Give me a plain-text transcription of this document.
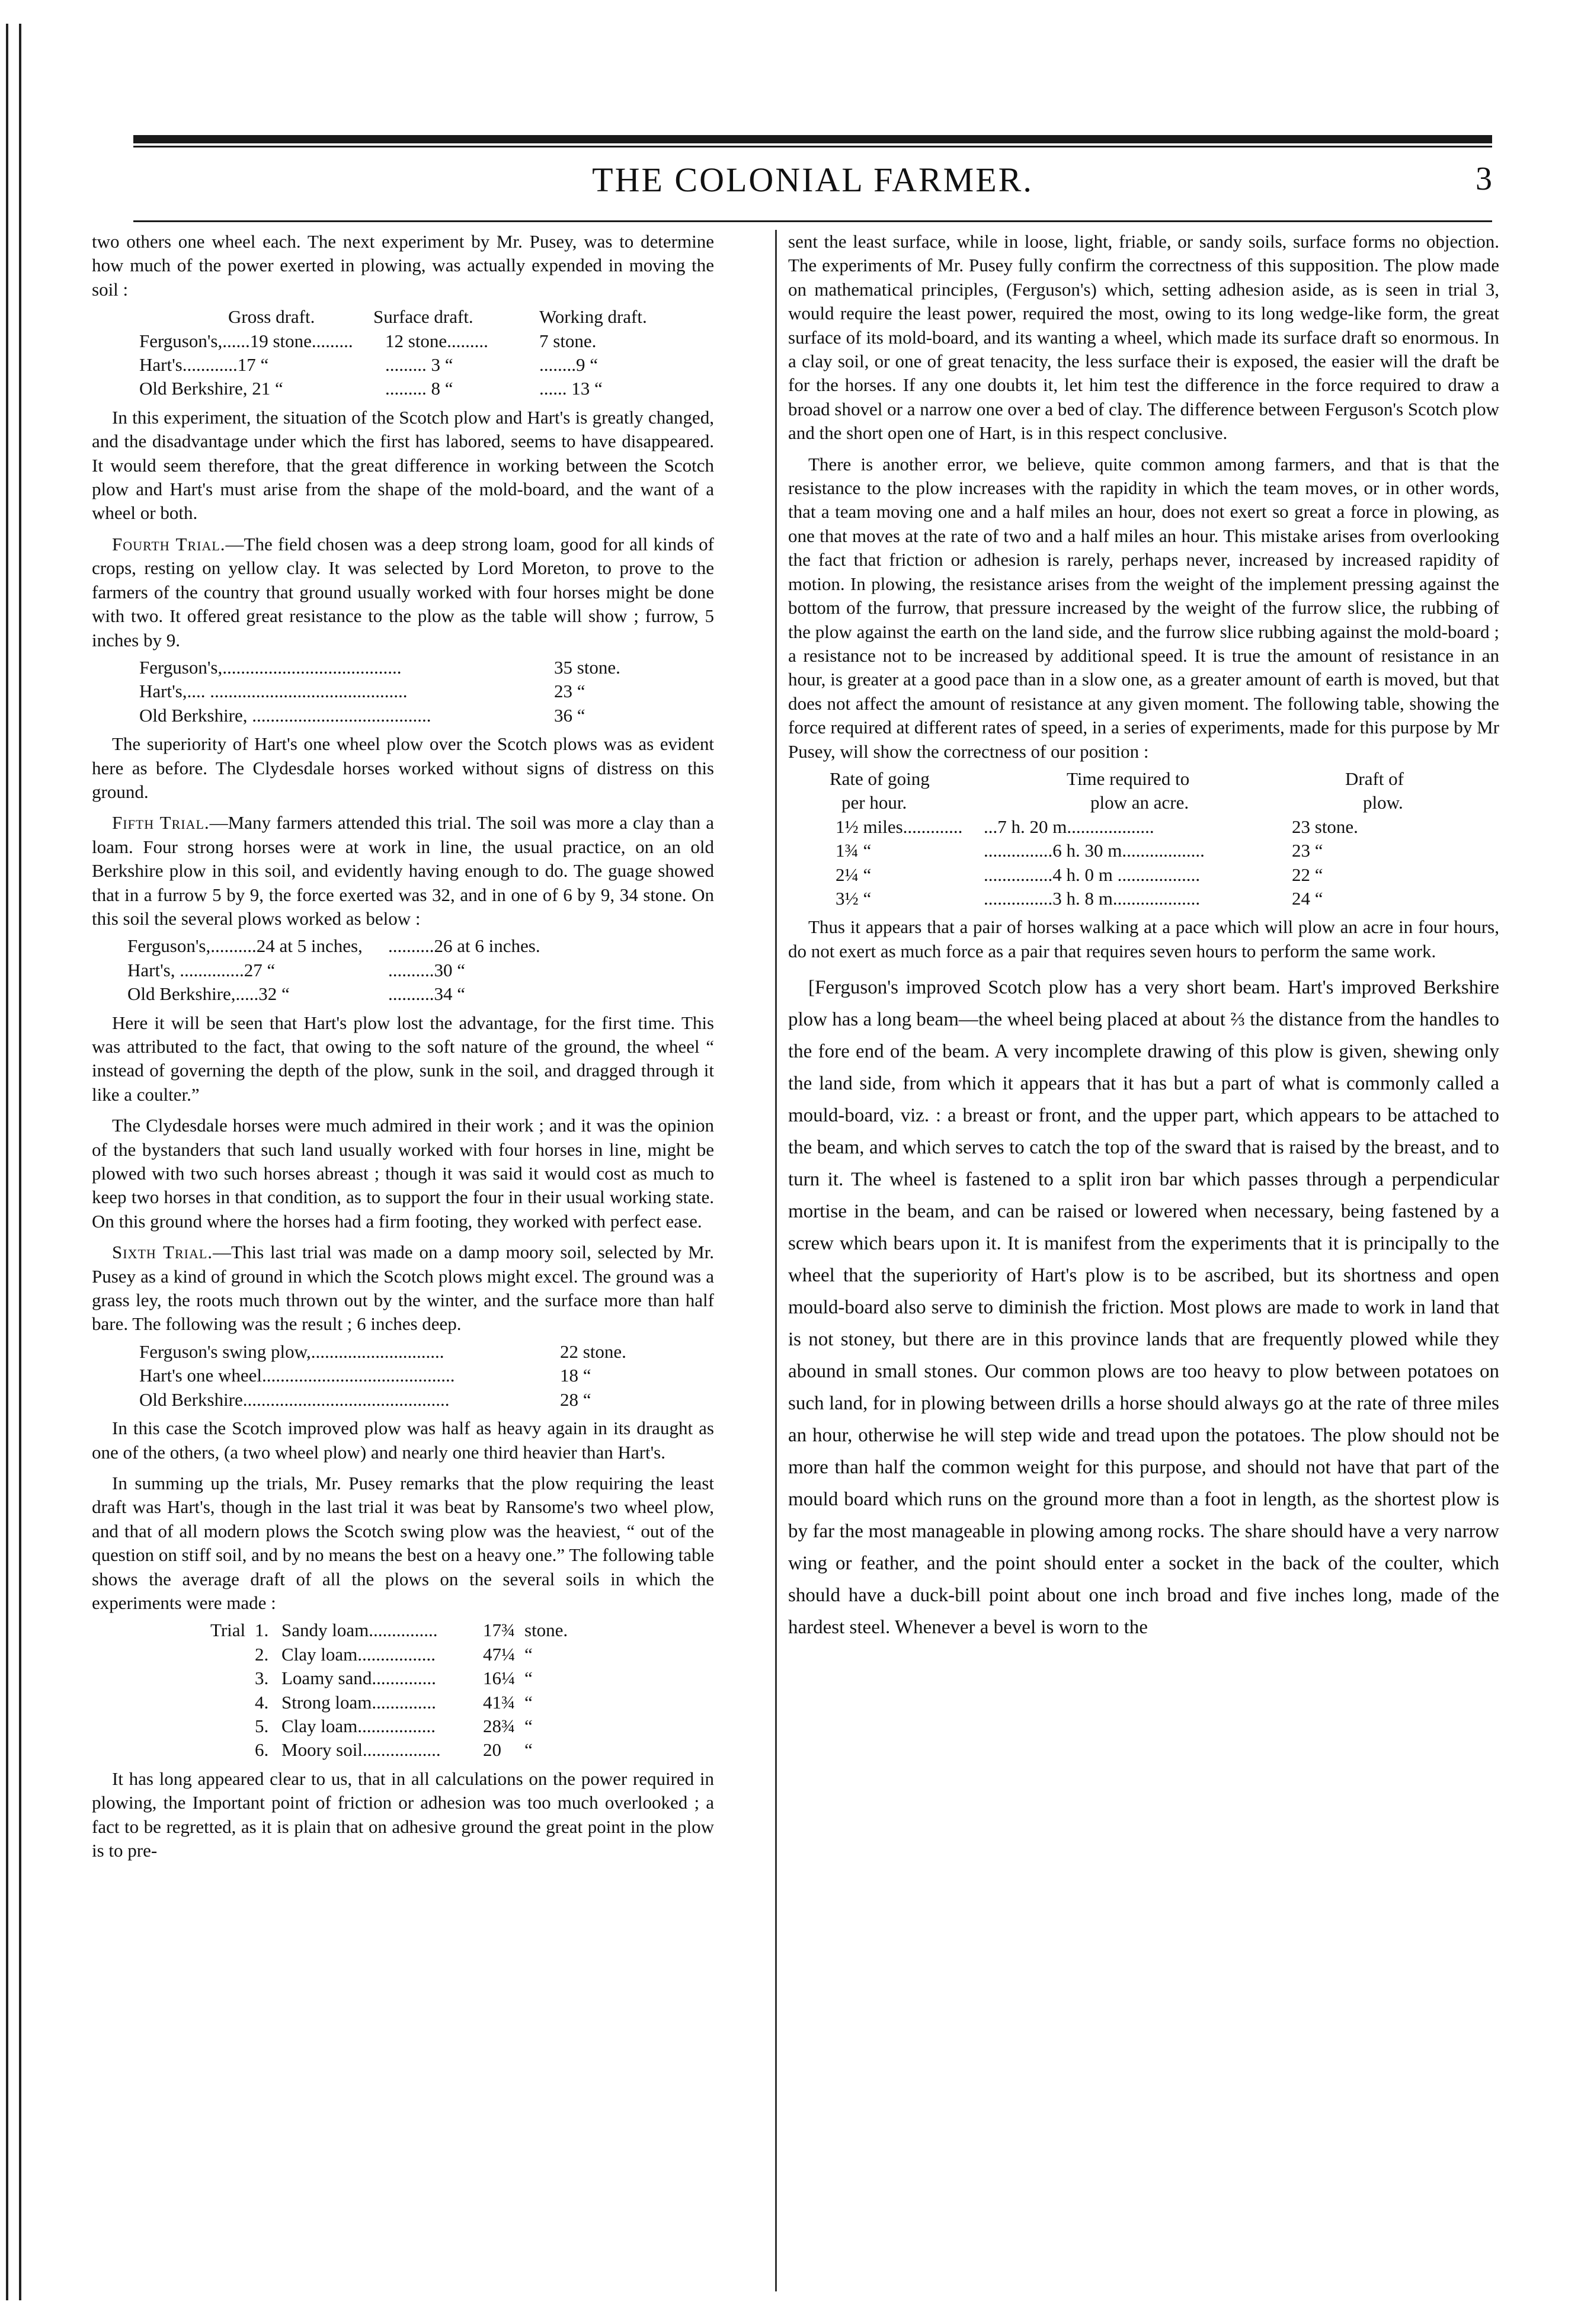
THE COLONIAL FARMER.	3

two others one wheel each. The next experiment by Mr. Pusey, was to determine how much of the power exerted in plowing, was actually expended in moving the soil :

Gross draft.	Surface draft.	Working draft.
Ferguson's,......19 stone.........	12 stone.........	7 stone.
Hart's............17 “	......... 3 “	........9 “
Old Berkshire, 21 “	......... 8 “	...... 13 “

In this experiment, the situation of the Scotch plow and Hart's is greatly changed, and the disadvantage under which the first has labored, seems to have disappeared. It would seem therefore, that the great difference in working between the Scotch plow and Hart's must arise from the shape of the mold-board, and the want of a wheel or both.

Fourth Trial.—The field chosen was a deep strong loam, good for all kinds of crops, resting on yellow clay. It was selected by Lord Moreton, to prove to the farmers of the country that ground usually worked with four horses might be done with two. It offered great resistance to the plow as the table will show ; furrow, 5 inches by 9.

Ferguson's,.......................................	35 stone.
Hart's,.... ...........................................	23 “
Old Berkshire, .......................................	36 “

The superiority of Hart's one wheel plow over the Scotch plows was as evident here as before. The Clydesdale horses worked without signs of distress on this ground.

Fifth Trial.—Many farmers attended this trial. The soil was more a clay than a loam. Four strong horses were at work in line, the usual practice, on an old Berkshire plow in this soil, and evidently having enough to do. The guage showed that in a furrow 5 by 9, the force exerted was 32, and in one of 6 by 9, 34 stone. On this soil the several plows worked as below :

Ferguson's,..........24 at 5 inches,	..........26 at 6 inches.
Hart's, ..............27 “	..........30 “
Old Berkshire,.....32 “	..........34 “

Here it will be seen that Hart's plow lost the advantage, for the first time. This was attributed to the fact, that owing to the soft nature of the ground, the wheel “ instead of governing the depth of the plow, sunk in the soil, and dragged through it like a coulter.”

The Clydesdale horses were much admired in their work ; and it was the opinion of the bystanders that such land usually worked with four horses in line, might be plowed with two such horses abreast ; though it was said it would cost as much to keep two horses in that condition, as to support the four in their usual working state. On this ground where the horses had a firm footing, they worked with perfect ease.

Sixth Trial.—This last trial was made on a damp moory soil, selected by Mr. Pusey as a kind of ground in which the Scotch plows might excel. The ground was a grass ley, the roots much thrown out by the winter, and the surface more than half bare. The following was the result ; 6 inches deep.

Ferguson's swing plow,.............................	22 stone.
Hart's one wheel..........................................	18 “
Old Berkshire.............................................	28 “

In this case the Scotch improved plow was half as heavy again in its draught as one of the others, (a two wheel plow) and nearly one third heavier than Hart's.

In summing up the trials, Mr. Pusey remarks that the plow requiring the least draft was Hart's, though in the last trial it was beat by Ransome's two wheel plow, and that of all modern plows the Scotch swing plow was the heaviest, “ out of the question on stiff soil, and by no means the best on a heavy one.” The following table shows the average draft of all the plows on the several soils in which the experiments were made :

Trial 1. Sandy loam...............	17¾ stone.
2. Clay loam.................	47¼ “
3. Loamy sand..............	16¼ “
4. Strong loam..............	41¾ “
5. Clay loam.................	28¾ “
6. Moory soil.................	20	“

It has long appeared clear to us, that in all calculations on the power required in plowing, the Important point of friction or adhesion was too much overlooked ; a fact to be regretted, as it is plain that on adhesive ground the great point in the plow is to pre-

sent the least surface, while in loose, light, friable, or sandy soils, surface forms no objection. The experiments of Mr. Pusey fully confirm the correctness of this supposition. The plow made on mathematical principles, (Ferguson's) which, setting adhesion aside, as is seen in trial 3, would require the least power, required the most, owing to its long wedge-like form, the great surface of its mold-board, and its wanting a wheel, which made its surface draft so enormous. In a clay soil, or one of great tenacity, the less surface their is exposed, the easier will the draft be for the horses. If any one doubts it, let him test the difference in the force required to draw a broad shovel or a narrow one over a bed of clay. The difference between Ferguson's Scotch plow and the short open one of Hart, is in this respect conclusive.

There is another error, we believe, quite common among farmers, and that is that the resistance to the plow increases with the rapidity in which the team moves, or in other words, that a team moving one and a half miles an hour, does not exert so great a force in plowing, as one that moves at the rate of two and a half miles an hour. This mistake arises from overlooking the fact that friction or adhesion is rarely, perhaps never, increased by increased rapidity of motion. In plowing, the resistance arises from the weight of the implement pressing against the bottom of the furrow, that pressure increased by the weight of the furrow slice, the rubbing of the plow against the earth on the land side, and the furrow slice rubbing against the mold-board ; a resistance not to be increased by additional speed. It is true the amount of resistance in an hour, is greater at a good pace than in a slow one, as a greater amount of earth is moved, but that does not affect the amount of resistance at any given moment. The following table, showing the force required at different rates of speed, in a series of experiments, made for this purpose by Mr Pusey, will show the correctness of our position :

Rate of going	Time required to	Draft of
per hour.	plow an acre.	plow.
1½ miles.............	...7 h. 20 m...................	23 stone.
1¾ “	...............6 h. 30 m..................	23 “
2¼ “	...............4 h. 0 m ..................	22 “
3½ “	...............3 h. 8 m...................	24 “

Thus it appears that a pair of horses walking at a pace which will plow an acre in four hours, do not exert as much force as a pair that requires seven hours to perform the same work.

[Ferguson's improved Scotch plow has a very short beam. Hart's improved Berkshire plow has a long beam—the wheel being placed at about ⅔ the distance from the handles to the fore end of the beam. A very incomplete drawing of this plow is given, shewing only the land side, from which it appears that it has but a part of what is commonly called a mould-board, viz. : a breast or front, and the upper part, which appears to be attached to the beam, and which serves to catch the top of the sward that is raised by the breast, and to turn it. The wheel is fastened to a split iron bar which passes through a perpendicular mortise in the beam, and can be raised or lowered when necessary, being fastened by a screw which bears upon it. It is manifest from the experiments that it is principally to the wheel that the superiority of Hart's plow is to be ascribed, but its shortness and open mould-board also serve to diminish the friction. Most plows are made to work in land that is not stoney, but there are in this province lands that are frequently plowed while they abound in small stones. Our common plows are too heavy to plow between potatoes on such land, for in plowing between drills a horse should always go at the rate of three miles an hour, otherwise he will step wide and tread upon the potatoes. The plow should not be more than half the common weight for this purpose, and should not have that part of the mould board which runs on the ground more than a foot in length, as the shortest plow is by far the most manageable in plowing among rocks. The share should have a very narrow wing or feather, and the point should enter a socket in the back of the coulter, which should have a duck-bill point about one inch broad and five inches long, made of the hardest steel. Whenever a bevel is worn to the
